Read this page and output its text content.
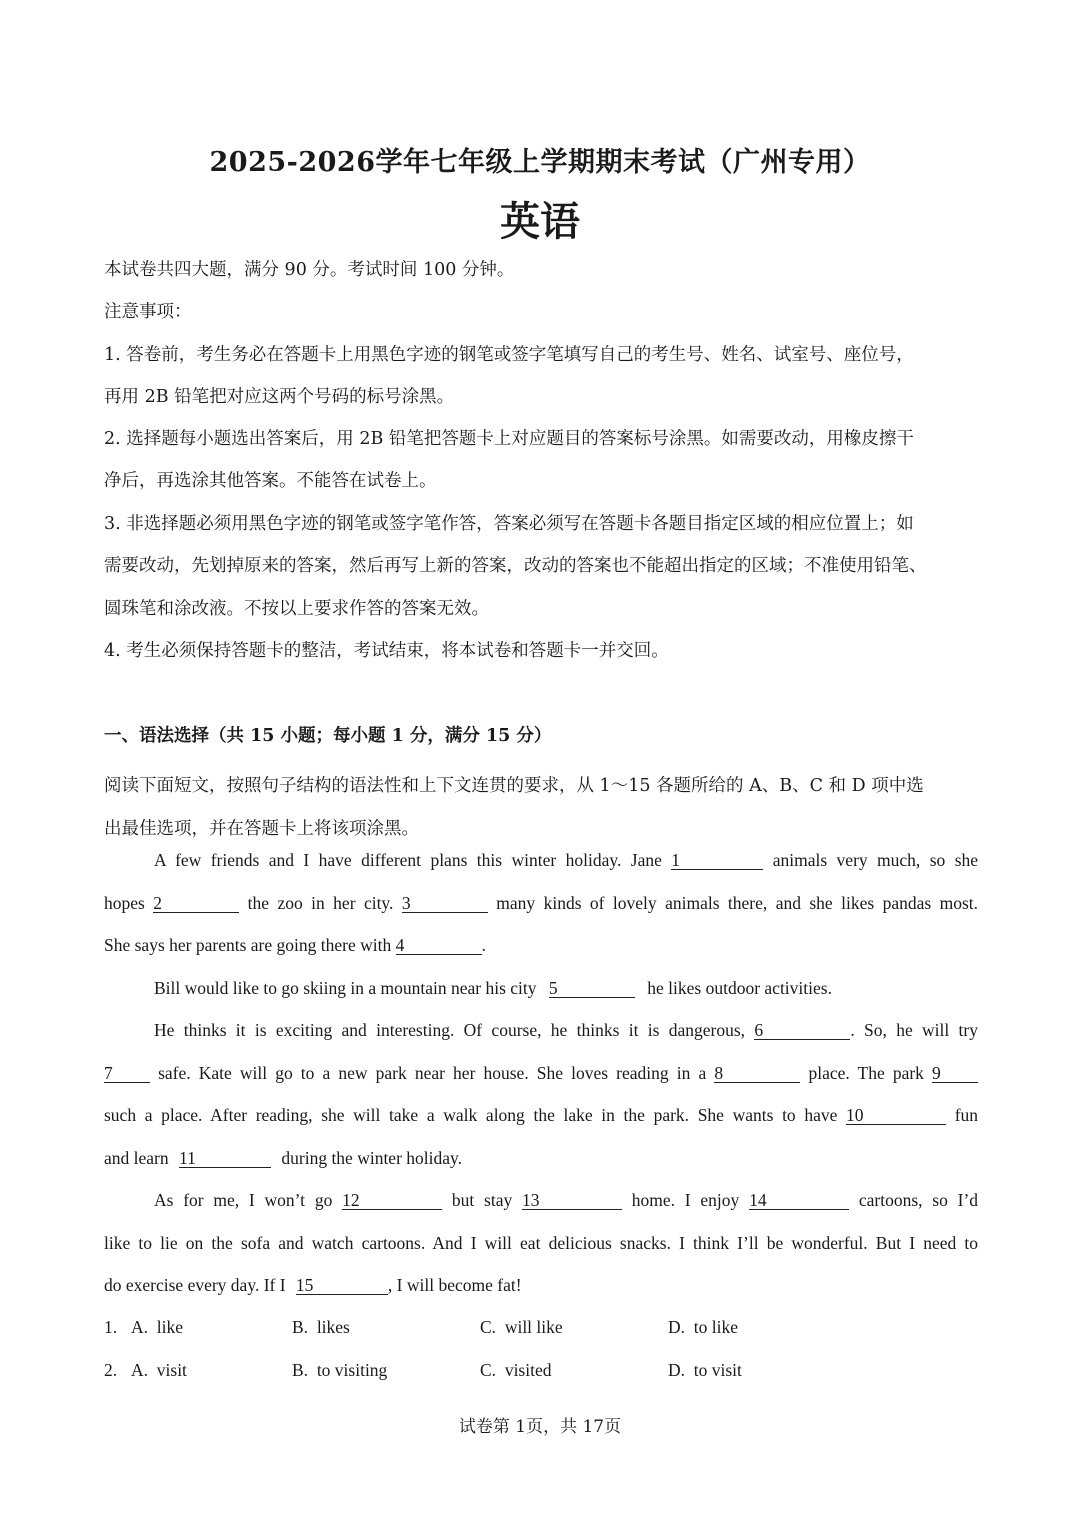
2025-2026学年七年级上学期期末考试（广州专用）
英语
本试卷共四大题，满分 90 分。考试时间 100 分钟。
注意事项：
1. 答卷前，考生务必在答题卡上用黑色字迹的钢笔或签字笔填写自己的考生号、姓名、试室号、座位号，
再用 2B 铅笔把对应这两个号码的标号涂黑。
2. 选择题每小题选出答案后，用 2B 铅笔把答题卡上对应题目的答案标号涂黑。如需要改动，用橡皮擦干
净后，再选涂其他答案。不能答在试卷上。
3. 非选择题必须用黑色字迹的钢笔或签字笔作答，答案必须写在答题卡各题目指定区域的相应位置上；如
需要改动，先划掉原来的答案，然后再写上新的答案，改动的答案也不能超出指定的区域；不准使用铅笔、
圆珠笔和涂改液。不按以上要求作答的答案无效。
4. 考生必须保持答题卡的整洁，考试结束，将本试卷和答题卡一并交回。
一、语法选择（共 15 小题；每小题 1 分，满分 15 分）
阅读下面短文，按照句子结构的语法性和上下文连贯的要求，从 1～15 各题所给的 A、B、C 和 D 项中选
出最佳选项，并在答题卡上将该项涂黑。
A few friends and I have different plans this winter holiday. Jane 1	animals very much, so she
hopes 2	the zoo in her city. 3	many kinds of lovely animals there, and she likes pandas most.
She says her parents are going there with 4	.
Bill would like to go skiing in a mountain near his city 5	he likes outdoor activities.
He thinks it is exciting and interesting. Of course, he thinks it is dangerous, 6	. So, he will try
7	safe. Kate will go to a new park near her house. She loves reading in a 8	place. The park 9
such a place. After reading, she will take a walk along the lake in the park. She wants to have 10	fun
and learn 11	during the winter holiday.
As for me, I won’t go 12	but stay 13	home. I enjoy 14	cartoons, so I’d
like to lie on the sofa and watch cartoons. And I will eat delicious snacks. I think I’ll be wonderful. But I need to
do exercise every day. If I 15	, I will become fat!
1. A. like	B. likes	C. will like	D. to like
2. A. visit	B. to visiting	C. visited	D. to visit
试卷第 1页，共 17页
